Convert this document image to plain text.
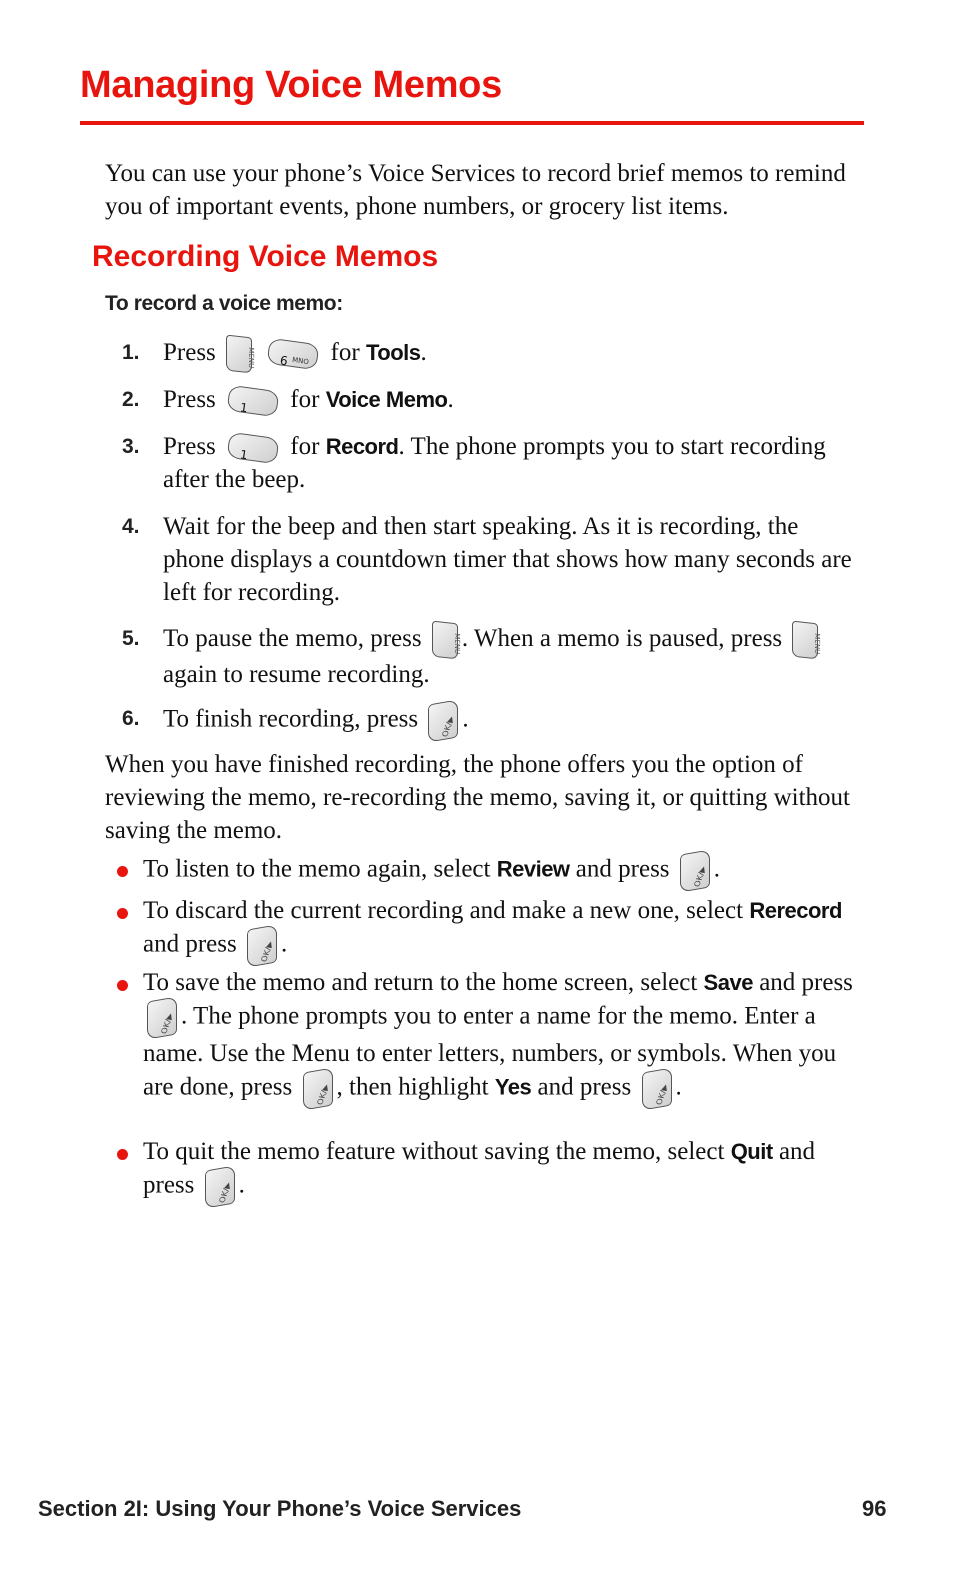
Managing Voice Memos

You can use your phone’s Voice Services to record brief memos to remind you of important events, phone numbers, or grocery list items.

Recording Voice Memos

To record a voice memo:

1. Press	MENU
	6 MNO for Tools.

2. Press 1 for Voice Memo.

3. Press 1 for Record. The phone prompts you to start recording after the beep.

4. Wait for the beep and then start speaking. As it is recording, the phone displays a countdown timer that shows how many seconds are left for recording.

5. To pause the memo, press	MENU . When a memo is paused, press	MENU
again to resume recording.

6. To finish recording, press	OK/▶ .

When you have finished recording, the phone offers you the option of reviewing the memo, re-recording the memo, saving it, or quitting without saving the memo.

To listen to the memo again, select Review and press	OK/▶ .

To discard the current recording and make a new one, select Rerecord and press	OK/▶ .

To save the memo and return to the home screen, select Save and press
OK/▶ . The phone prompts you to enter a name for the memo. Enter a name. Use the Menu to enter letters, numbers, or symbols. When you are done, press	OK/▶ , then highlight Yes and press	OK/▶ .

To quit the memo feature without saving the memo, select Quit and press	OK/▶ .

Section 2I: Using Your Phone’s Voice Services	96
